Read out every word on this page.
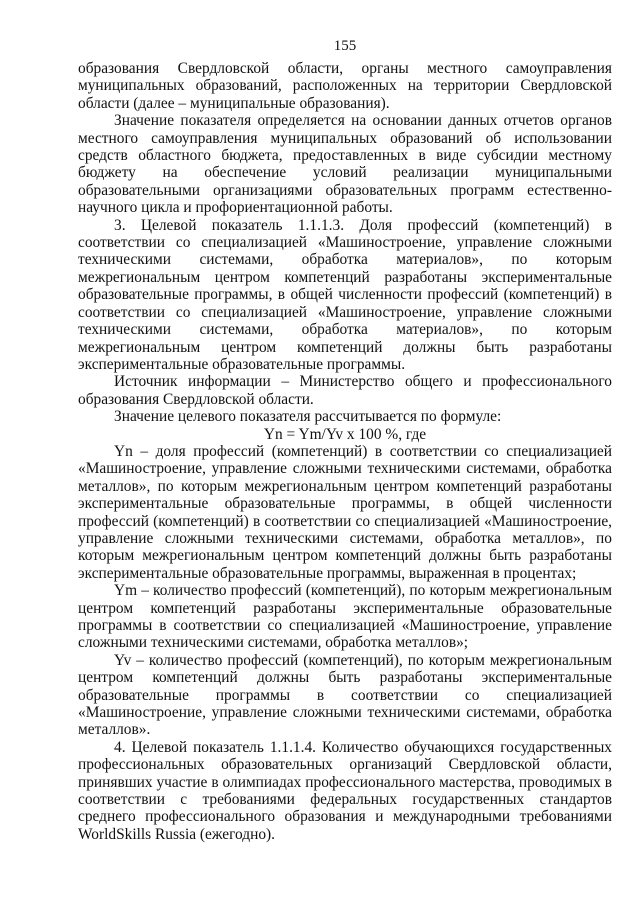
155

образования Свердловской области, органы местного самоуправления муниципальных образований, расположенных на территории Свердловской области (далее – муниципальные образования).

Значение показателя определяется на основании данных отчетов органов местного самоуправления муниципальных образований об использовании средств областного бюджета, предоставленных в виде субсидии местному бюджету на обеспечение условий реализации муниципальными образовательными организациями образовательных программ естественно-научного цикла и профориентационной работы.

3. Целевой показатель 1.1.1.3. Доля профессий (компетенций) в соответствии со специализацией «Машиностроение, управление сложными техническими системами, обработка материалов», по которым межрегиональным центром компетенций разработаны экспериментальные образовательные программы, в общей численности профессий (компетенций) в соответствии со специализацией «Машиностроение, управление сложными техническими системами, обработка материалов», по которым межрегиональным центром компетенций должны быть разработаны экспериментальные образовательные программы.

Источник информации – Министерство общего и профессионального образования Свердловской области.

Значение целевого показателя рассчитывается по формуле:

Yn = Ym/Yv x 100 %, где

Yn – доля профессий (компетенций) в соответствии со специализацией «Машиностроение, управление сложными техническими системами, обработка металлов», по которым межрегиональным центром компетенций разработаны экспериментальные образовательные программы, в общей численности профессий (компетенций) в соответствии со специализацией «Машиностроение, управление сложными техническими системами, обработка металлов», по которым межрегиональным центром компетенций должны быть разработаны экспериментальные образовательные программы, выраженная в процентах;

Ym – количество профессий (компетенций), по которым межрегиональным центром компетенций разработаны экспериментальные образовательные программы в соответствии со специализацией «Машиностроение, управление сложными техническими системами, обработка металлов»;

Yv – количество профессий (компетенций), по которым межрегиональным центром компетенций должны быть разработаны экспериментальные образовательные программы в соответствии со специализацией «Машиностроение, управление сложными техническими системами, обработка металлов».

4. Целевой показатель 1.1.1.4. Количество обучающихся государственных профессиональных образовательных организаций Свердловской области, принявших участие в олимпиадах профессионального мастерства, проводимых в соответствии с требованиями федеральных государственных стандартов среднего профессионального образования и международными требованиями WorldSkills Russia (ежегодно).
